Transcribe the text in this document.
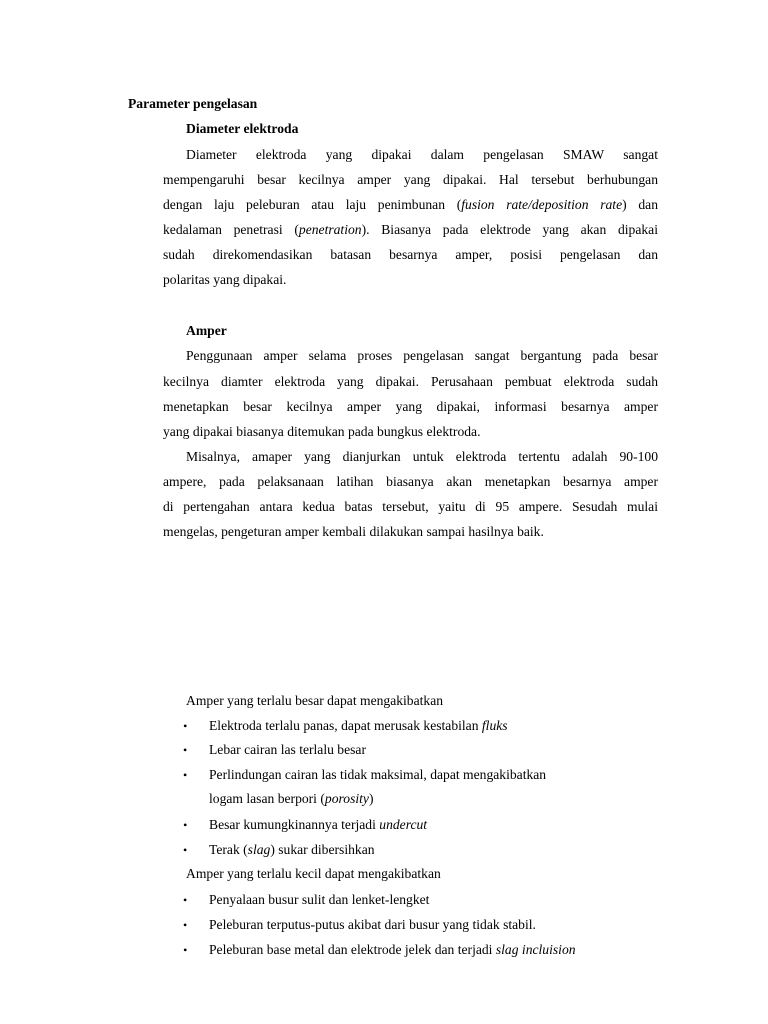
Parameter pengelasan
Diameter elektroda
Diameter elektroda yang dipakai dalam pengelasan SMAW sangat
mempengaruhi besar kecilnya amper yang dipakai. Hal tersebut berhubungan
dengan laju peleburan atau laju penimbunan (fusion rate/deposition rate) dan
kedalaman penetrasi (penetration). Biasanya pada elektrode yang akan dipakai
sudah direkomendasikan batasan besarnya amper, posisi pengelasan dan
polaritas yang dipakai.
Amper
Penggunaan amper selama proses pengelasan sangat bergantung pada besar
kecilnya diamter elektroda yang dipakai. Perusahaan pembuat elektroda sudah
menetapkan besar kecilnya amper yang dipakai, informasi besarnya amper
yang dipakai biasanya ditemukan pada bungkus elektroda.
Misalnya, amaper yang dianjurkan untuk elektroda tertentu adalah 90-100
ampere, pada pelaksanaan latihan biasanya akan menetapkan besarnya amper
di pertengahan antara kedua batas tersebut, yaitu di 95 ampere. Sesudah mulai
mengelas, pengeturan amper kembali dilakukan sampai hasilnya baik.
Amper yang terlalu besar dapat mengakibatkan
• Elektroda terlalu panas, dapat merusak kestabilan fluks
• Lebar cairan las terlalu besar
• Perlindungan cairan las tidak maksimal, dapat mengakibatkan
logam lasan berpori (porosity)
• Besar kumungkinannya terjadi undercut
• Terak (slag) sukar dibersihkan
Amper yang terlalu kecil dapat mengakibatkan
• Penyalaan busur sulit dan lenket-lengket
• Peleburan terputus-putus akibat dari busur yang tidak stabil.
• Peleburan base metal dan elektrode jelek dan terjadi slag incluision
